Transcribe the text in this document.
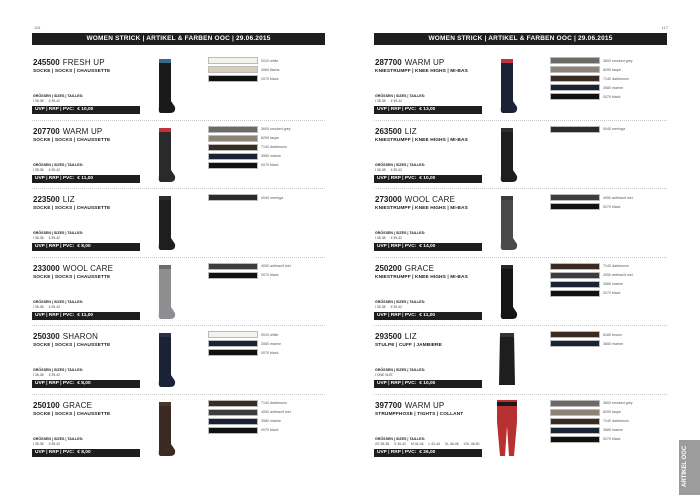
116
WOMEN STRICK | ARTIKEL & FARBEN OOC | 29.06.2015
245500 FRESH UP
SOCKE | SOCKS | CHAUSSETTE
GRÖSSEN | SIZES | TAILLES:
I 35-38 II 39-42
UVP | RRP | PVC: € 10,00
0010 white
4060 flachs
0070 black
207700 WARM UP
SOCKE | SOCKS | CHAUSSETTE
GRÖSSEN | SIZES | TAILLES:
I 35-38 II 39-42
UVP | RRP | PVC: € 11,00
3600 smoked grey
8290 taupe
7140 darkbrown
3580 marine
0070 black
223500 LIZ
SOCKE | SOCKS | CHAUSSETTE
GRÖSSEN | SIZES | TAILLES:
I 35-38 II 39-42
UVP | RRP | PVC: € 8,00
0040 meringa
233000 WOOL CARE
SOCKE | SOCKS | CHAUSSETTE
GRÖSSEN | SIZES | TAILLES:
I 35-38 II 39-42
UVP | RRP | PVC: € 11,00
4050 anthrazit mel.
0070 black
250300 SHARON
SOCKE | SOCKS | CHAUSSETTE
GRÖSSEN | SIZES | TAILLES:
I 35-38 II 39-42
UVP | RRP | PVC: € 8,00
0010 white
3580 marine
0070 black
250100 GRACE
SOCKE | SOCKS | CHAUSSETTE
GRÖSSEN | SIZES | TAILLES:
I 35-38 II 39-42
UVP | RRP | PVC: € 8,00
7140 darkbrown
4050 anthrazit mel.
3580 marine
0070 black
117
WOMEN STRICK | ARTIKEL & FARBEN OOC | 29.06.2015
287700 WARM UP
KNIESTRUMPF | KNEE HIGHS | MI-BAS
GRÖSSEN | SIZES | TAILLES:
I 35-38 II 39-42
UVP | RRP | PVC: € 13,00
3600 smoked grey
8290 taupe
7140 darkbrown
3580 marine
0070 black
263500 LIZ
KNIESTRUMPF | KNEE HIGHS | MI-BAS
GRÖSSEN | SIZES | TAILLES:
I 35-38 II 39-42
UVP | RRP | PVC: € 10,00
0040 meringa
273000 WOOL CARE
KNIESTRUMPF | KNEE HIGHS | MI-BAS
GRÖSSEN | SIZES | TAILLES:
I 35-38 II 39-42
UVP | RRP | PVC: € 14,00
4050 anthrazit mel.
0070 black
250200 GRACE
KNIESTRUMPF | KNEE HIGHS | MI-BAS
GRÖSSEN | SIZES | TAILLES:
I 35-38 II 39-42
UVP | RRP | PVC: € 11,00
7140 darkbrown
4050 anthrazit mel.
3580 marine
0070 black
293500 LIZ
STULPE | CUFF | JAMBIERE
GRÖSSEN | SIZES | TAILLES:
I ONE SIZE
UVP | RRP | PVC: € 10,00
6180 brown
3650 marine
397700 WARM UP
STRUMPFHOSE | TIGHTS | COLLANT
GRÖSSEN | SIZES | TAILLES:
XS 36-38 S 40-42 M 44-46 L 42-44 XL 46-48 XXL 48-50
UVP | RRP | PVC: € 26,00
3600 smoked grey
8290 taupe
7140 darkbrown
3580 marine
0070 black
ARTIKEL OOC
